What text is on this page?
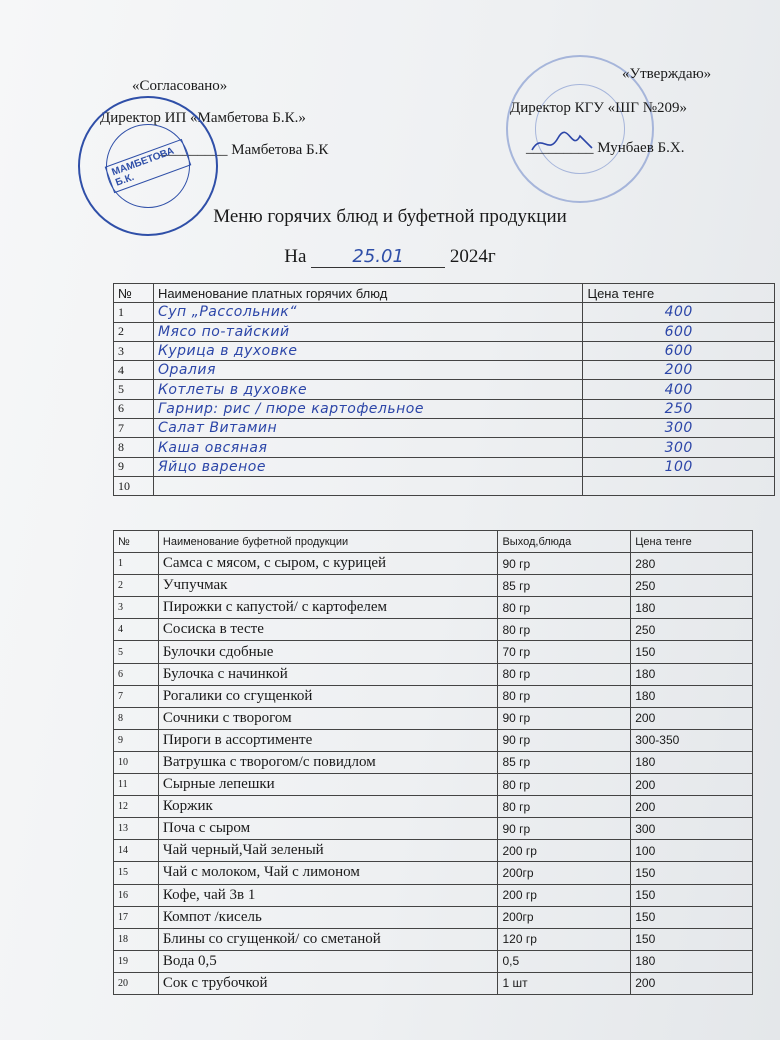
«Согласовано»
Директор ИП «Мамбетова Б.К.»
_________ Мамбетова Б.К
МАМБЕТОВА Б.К.
«Утверждаю»
Директор КГУ «ШГ №209»
_________ Мунбаев Б.Х.
Меню горячих блюд и буфетной продукции
На	25.01 2024г
№	Наименование платных горячих блюд	Цена тенге
1	Суп „Рассольник“	400
2	Мясо по-тайский	600
3	Курица в духовке	600
4	Оралия	200
5	Котлеты в духовке	400
6	Гарнир: рис / пюре картофельное	250
7	Салат Витамин	300
8	Каша овсяная	300
9	Яйцо вареное	100
10		
№	Наименование буфетной продукции	Выход,блюда	Цена тенге
1	Самса с мясом, с сыром, с курицей	90 гр	280
2	Учпучмак	85 гр	250
3	Пирожки с капустой/ с картофелем	80 гр	180
4	Сосиска в тесте	80 гр	250
5	Булочки сдобные	70 гр	150
6	Булочка с начинкой	80 гр	180
7	Рогалики со сгущенкой	80 гр	180
8	Сочники с творогом	90 гр	200
9	Пироги в ассортименте	90 гр	300-350
10	Ватрушка с творогом/с повидлом	85 гр	180
11	Сырные лепешки	80 гр	200
12	Коржик	80 гр	200
13	Поча с сыром	90 гр	300
14	Чай черный,Чай зеленый	200 гр	100
15	Чай с молоком, Чай с лимоном	200гр	150
16	Кофе, чай 3в 1	200 гр	150
17	Компот /кисель	200гр	150
18	Блины со сгущенкой/ со сметаной	120 гр	150
19	Вода 0,5	0,5	180
20	Сок с трубочкой	1 шт	200
